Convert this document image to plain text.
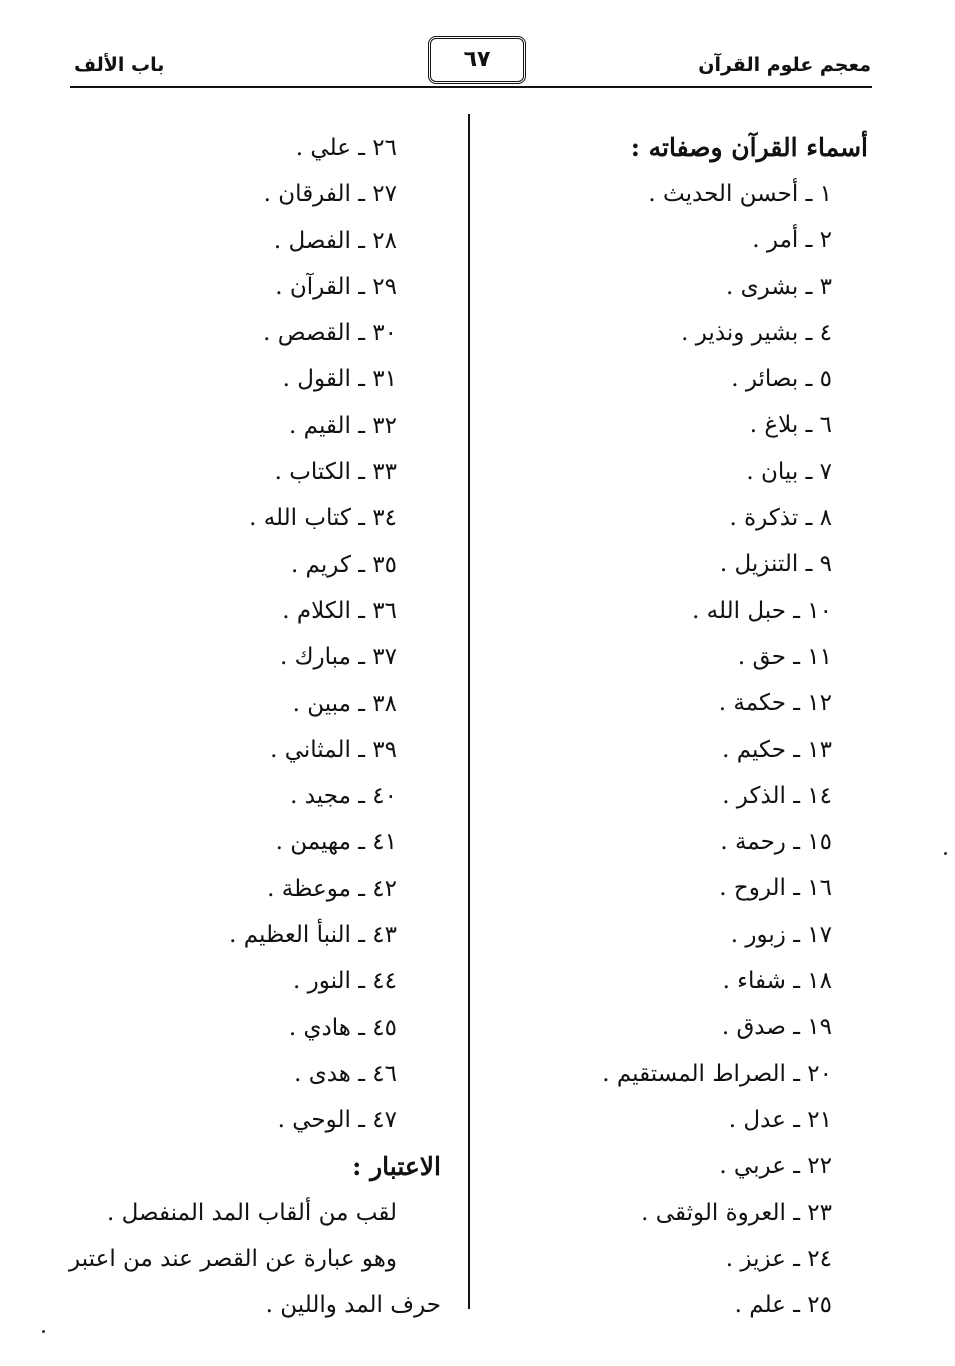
معجم علوم القرآن
٦٧
باب الألف
أسماء القرآن وصفاته :
١ ـ أحسن الحديث .
٢ ـ أمر .
٣ ـ بشرى .
٤ ـ بشير ونذير .
٥ ـ بصائر .
٦ ـ بلاغ .
٧ ـ بيان .
٨ ـ تذكرة .
٩ ـ التنزيل .
١٠ ـ حبل الله .
١١ ـ حق .
١٢ ـ حكمة .
١٣ ـ حكيم .
١٤ ـ الذكر .
١٥ ـ رحمة .
١٦ ـ الروح .
١٧ ـ زبور .
١٨ ـ شفاء .
١٩ ـ صدق .
٢٠ ـ الصراط المستقيم .
٢١ ـ عدل .
٢٢ ـ عربي .
٢٣ ـ العروة الوثقى .
٢٤ ـ عزيز .
٢٥ ـ علم .
٢٦ ـ علي .
٢٧ ـ الفرقان .
٢٨ ـ الفصل .
٢٩ ـ القرآن .
٣٠ ـ القصص .
٣١ ـ القول .
٣٢ ـ القيم .
٣٣ ـ الكتاب .
٣٤ ـ كتاب الله .
٣٥ ـ كريم .
٣٦ ـ الكلام .
٣٧ ـ مبارك .
٣٨ ـ مبين .
٣٩ ـ المثاني .
٤٠ ـ مجيد .
٤١ ـ مهيمن .
٤٢ ـ موعظة .
٤٣ ـ النبأ العظيم .
٤٤ ـ النور .
٤٥ ـ هادي .
٤٦ ـ هدى .
٤٧ ـ الوحي .
الاعتبار :
لقب من ألقاب المد المنفصل .
وهو عبارة عن القصر عند من اعتبر
حرف المد واللين .
